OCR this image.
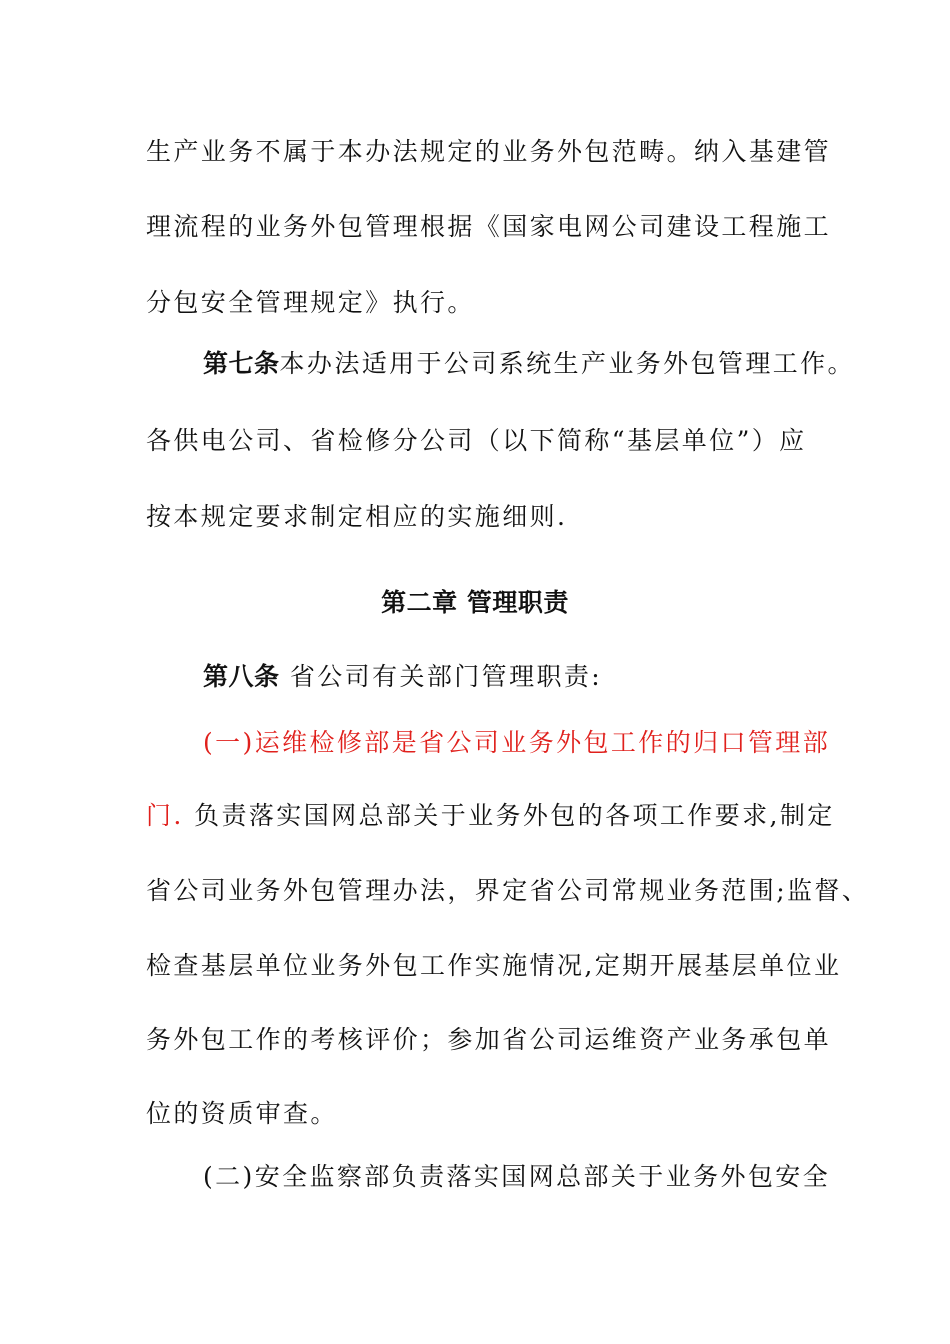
生产业务不属于本办法规定的业务外包范畴。纳入基建管
理流程的业务外包管理根据《国家电网公司建设工程施工
分包安全管理规定》执行。
第七条本办法适用于公司系统生产业务外包管理工作。
各供电公司、省检修分公司（以下简称“基层单位”）应
按本规定要求制定相应的实施细则.
第二章 管理职责
第八条 省公司有关部门管理职责:
(一)运维检修部是省公司业务外包工作的归口管理部
门. 负责落实国网总部关于业务外包的各项工作要求,制定
省公司业务外包管理办法，界定省公司常规业务范围;监督、
检查基层单位业务外包工作实施情况,定期开展基层单位业
务外包工作的考核评价；参加省公司运维资产业务承包单
位的资质审查。
(二)安全监察部负责落实国网总部关于业务外包安全
